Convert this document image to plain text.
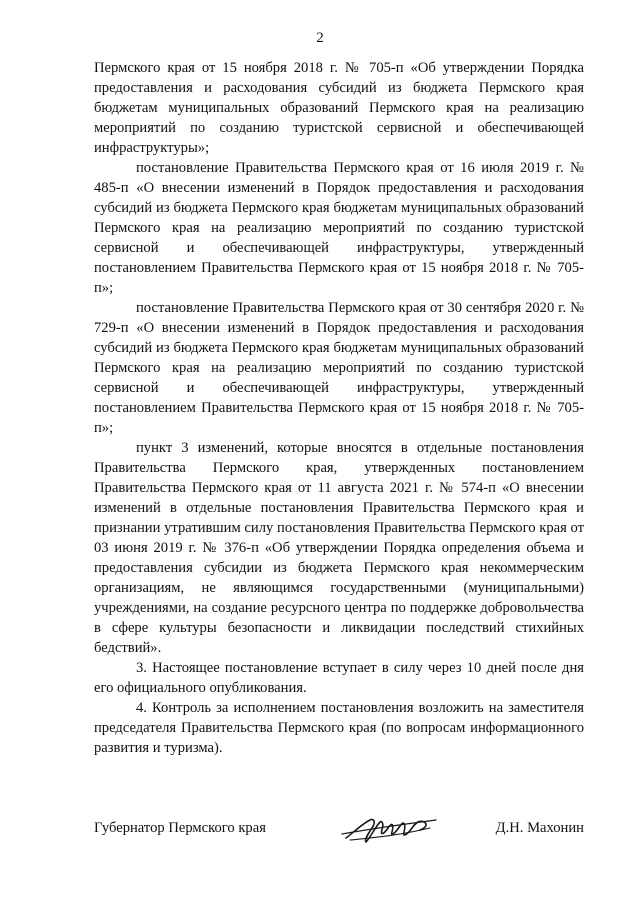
2

Пермского края от 15 ноября 2018 г. № 705-п «Об утверждении Порядка предоставления и расходования субсидий из бюджета Пермского края бюджетам муниципальных образований Пермского края на реализацию мероприятий по созданию туристской сервисной и обеспечивающей инфраструктуры»;

постановление Правительства Пермского края от 16 июля 2019 г. № 485-п «О внесении изменений в Порядок предоставления и расходования субсидий из бюджета Пермского края бюджетам муниципальных образований Пермского края на реализацию мероприятий по созданию туристской сервисной и обеспечивающей инфраструктуры, утвержденный постановлением Правительства Пермского края от 15 ноября 2018 г. № 705-п»;

постановление Правительства Пермского края от 30 сентября 2020 г. № 729-п «О внесении изменений в Порядок предоставления и расходования субсидий из бюджета Пермского края бюджетам муниципальных образований Пермского края на реализацию мероприятий по созданию туристской сервисной и обеспечивающей инфраструктуры, утвержденный постановлением Правительства Пермского края от 15 ноября 2018 г. № 705-п»;

пункт 3 изменений, которые вносятся в отдельные постановления Правительства Пермского края, утвержденных постановлением Правительства Пермского края от 11 августа 2021 г. № 574-п «О внесении изменений в отдельные постановления Правительства Пермского края и признании утратившим силу постановления Правительства Пермского края от 03 июня 2019 г. № 376-п «Об утверждении Порядка определения объема и предоставления субсидии из бюджета Пермского края некоммерческим организациям, не являющимся государственными (муниципальными) учреждениями, на создание ресурсного центра по поддержке добровольчества в сфере культуры безопасности и ликвидации последствий стихийных бедствий».

3. Настоящее постановление вступает в силу через 10 дней после дня его официального опубликования.

4. Контроль за исполнением постановления возложить на заместителя председателя Правительства Пермского края (по вопросам информационного развития и туризма).

Губернатор Пермского края	Д.Н. Махонин
